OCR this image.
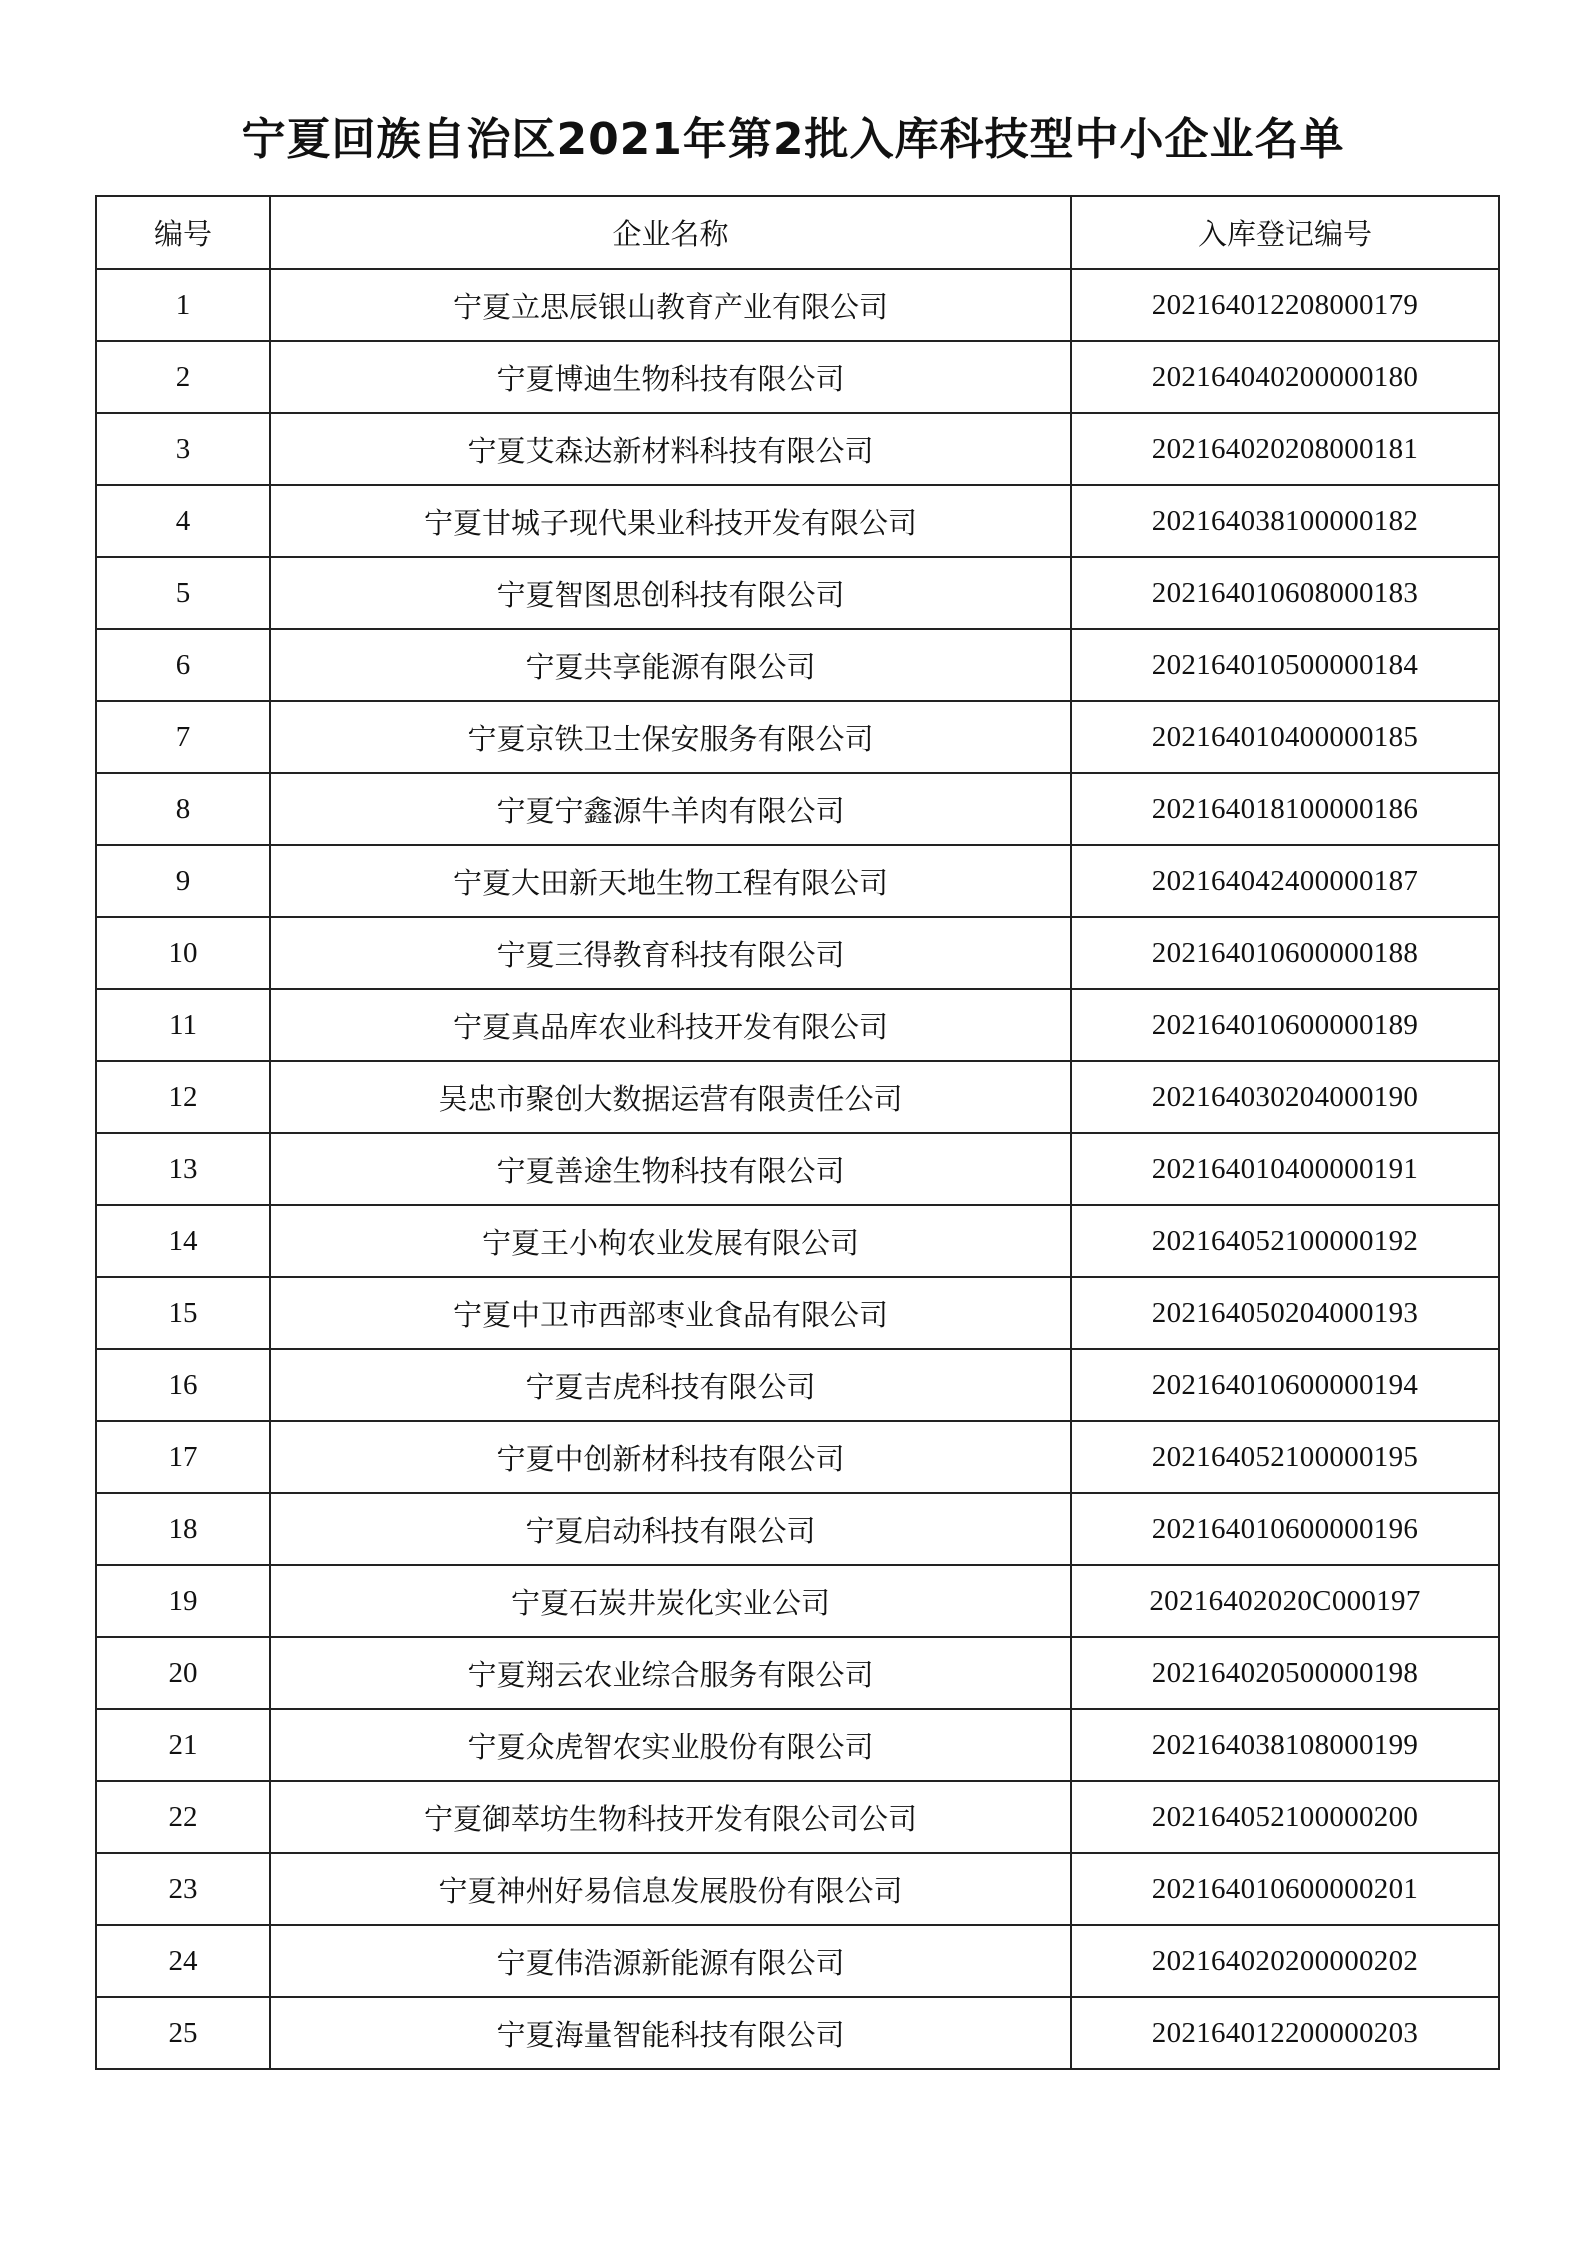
宁夏回族自治区2021年第2批入库科技型中小企业名单
编号	企业名称	入库登记编号
1	宁夏立思辰银山教育产业有限公司	202164012208000179
2	宁夏博迪生物科技有限公司	202164040200000180
3	宁夏艾森达新材料科技有限公司	202164020208000181
4	宁夏甘城子现代果业科技开发有限公司	202164038100000182
5	宁夏智图思创科技有限公司	202164010608000183
6	宁夏共享能源有限公司	202164010500000184
7	宁夏京铁卫士保安服务有限公司	202164010400000185
8	宁夏宁鑫源牛羊肉有限公司	202164018100000186
9	宁夏大田新天地生物工程有限公司	202164042400000187
10	宁夏三得教育科技有限公司	202164010600000188
11	宁夏真品库农业科技开发有限公司	202164010600000189
12	吴忠市聚创大数据运营有限责任公司	202164030204000190
13	宁夏善途生物科技有限公司	202164010400000191
14	宁夏王小枸农业发展有限公司	202164052100000192
15	宁夏中卫市西部枣业食品有限公司	202164050204000193
16	宁夏吉虎科技有限公司	202164010600000194
17	宁夏中创新材科技有限公司	202164052100000195
18	宁夏启动科技有限公司	202164010600000196
19	宁夏石炭井炭化实业公司	20216402020C000197
20	宁夏翔云农业综合服务有限公司	202164020500000198
21	宁夏众虎智农实业股份有限公司	202164038108000199
22	宁夏御萃坊生物科技开发有限公司公司	202164052100000200
23	宁夏神州好易信息发展股份有限公司	202164010600000201
24	宁夏伟浩源新能源有限公司	202164020200000202
25	宁夏海量智能科技有限公司	202164012200000203
